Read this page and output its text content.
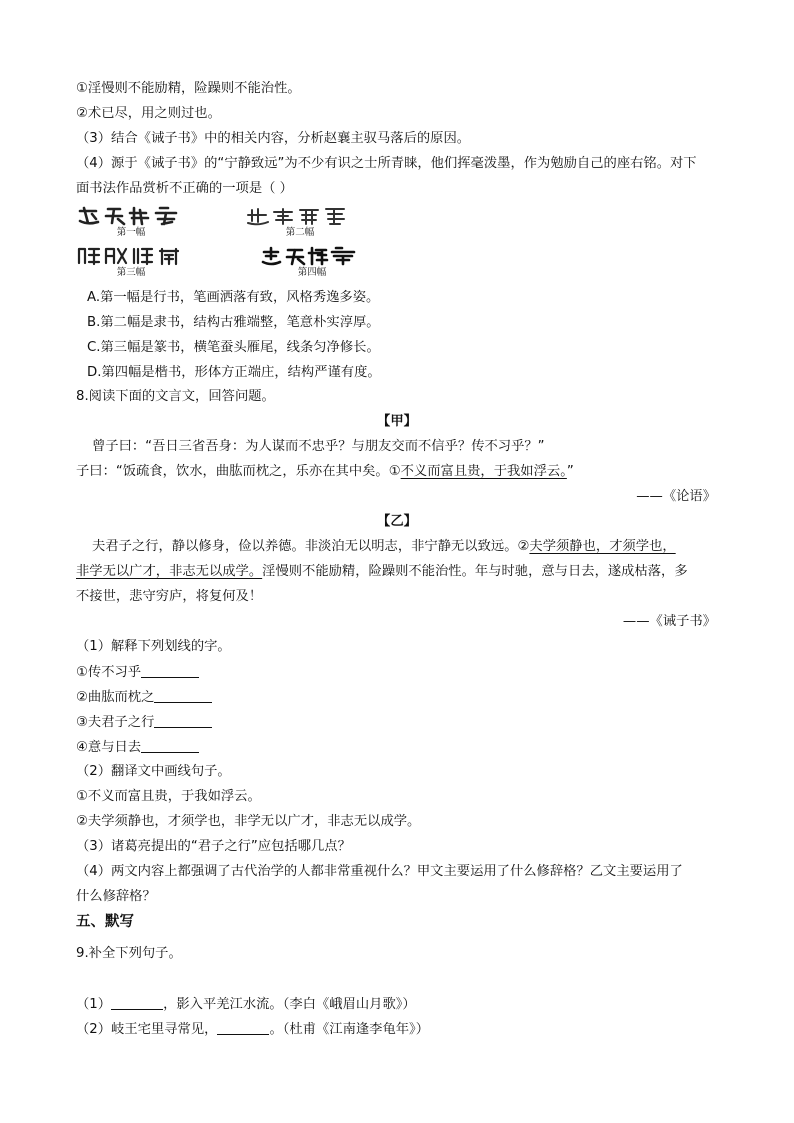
①淫慢则不能励精，险躁则不能治性。
②术已尽，用之则过也。
（3）结合《诫子书》中的相关内容，分析赵襄主驭马落后的原因。
（4）源于《诫子书》的“宁静致远”为不少有识之士所青睐，他们挥毫泼墨，作为勉励自己的座右铭。对下
面书法作品赏析不正确的一项是（ ）
第一幅	第二幅
第三幅	第四幅
A.第一幅是行书，笔画洒落有致，风格秀逸多姿。
B.第二幅是隶书，结构古雅端整，笔意朴实淳厚。
C.第三幅是篆书，横笔蚕头雁尾，线条匀净修长。
D.第四幅是楷书，形体方正端庄，结构严谨有度。
8.阅读下面的文言文，回答问题。
【甲】
曾子曰：“吾日三省吾身：为人谋而不忠乎？与朋友交而不信乎？传不习乎？”
子曰：“饭疏食，饮水，曲肱而枕之，乐亦在其中矣。①不义而富且贵，于我如浮云。”
——《论语》
【乙】
夫君子之行，静以修身，俭以养德。非淡泊无以明志，非宁静无以致远。②夫学须静也，才须学也，
非学无以广才，非志无以成学。淫慢则不能励精，险躁则不能治性。年与时驰，意与日去，遂成枯落，多
不接世，悲守穷庐，将复何及！
——《诫子书》
（1）解释下列划线的字。
①传不习乎
②曲肱而枕之
③夫君子之行
④意与日去
（2）翻译文中画线句子。
①不义而富且贵，于我如浮云。
②夫学须静也，才须学也，非学无以广才，非志无以成学。
（3）诸葛亮提出的“君子之行”应包括哪几点？
（4）两文内容上都强调了古代治学的人都非常重视什么？甲文主要运用了什么修辞格？乙文主要运用了
什么修辞格？
五、默写
9.补全下列句子。
（1）	，影入平羌江水流。（李白《峨眉山月歌》）
（2）岐王宅里寻常见，	。（杜甫《江南逢李龟年》）
